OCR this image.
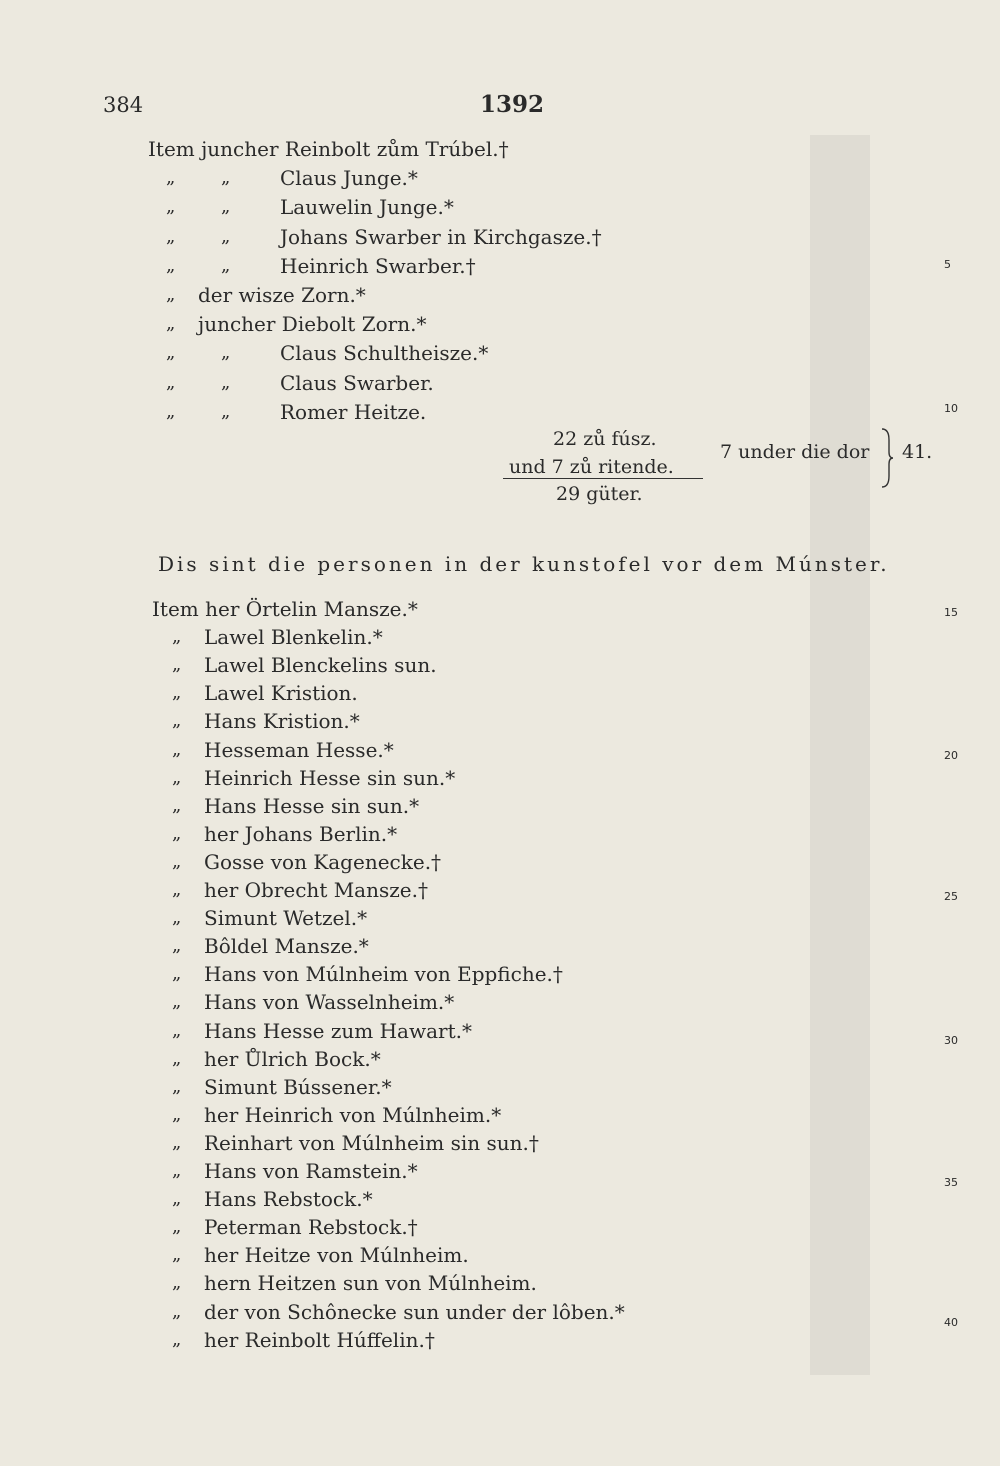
384	1392
Item juncher Reinbolt zům Trúbel.†
„ „ Claus Junge.*
„ „ Lauwelin Junge.*
„ „ Johans Swarber in Kirchgasze.†
„ „ Heinrich Swarber.†
„ der wisze Zorn.*
„ juncher Diebolt Zorn.*
„ „ Claus Schultheisze.*
„ „ Claus Swarber.
„ „ Romer Heitze.
22 zů fúsz.
und 7 zů ritende.
29 güter.
7 under die dor 41.
Dis sint die personen in der kunstofel vor dem Múnster.
Item her Örtelin Mansze.*
„ Lawel Blenkelin.*
„ Lawel Blenckelins sun.
„ Lawel Kristion.
„ Hans Kristion.*
„ Hesseman Hesse.*
„ Heinrich Hesse sin sun.*
„ Hans Hesse sin sun.*
„ her Johans Berlin.*
„ Gosse von Kagenecke.†
„ her Obrecht Mansze.†
„ Simunt Wetzel.*
„ Bôldel Mansze.*
„ Hans von Múlnheim von Eppfiche.†
„ Hans von Wasselnheim.*
„ Hans Hesse zum Hawart.*
„ her Ůlrich Bock.*
„ Simunt Bússener.*
„ her Heinrich von Múlnheim.*
„ Reinhart von Múlnheim sin sun.†
„ Hans von Ramstein.*
„ Hans Rebstock.*
„ Peterman Rebstock.†
„ her Heitze von Múlnheim.
„ hern Heitzen sun von Múlnheim.
„ der von Schônecke sun under der lôben.*
„ her Reinbolt Húffelin.†
5
10
15
20
25
30
35
40
